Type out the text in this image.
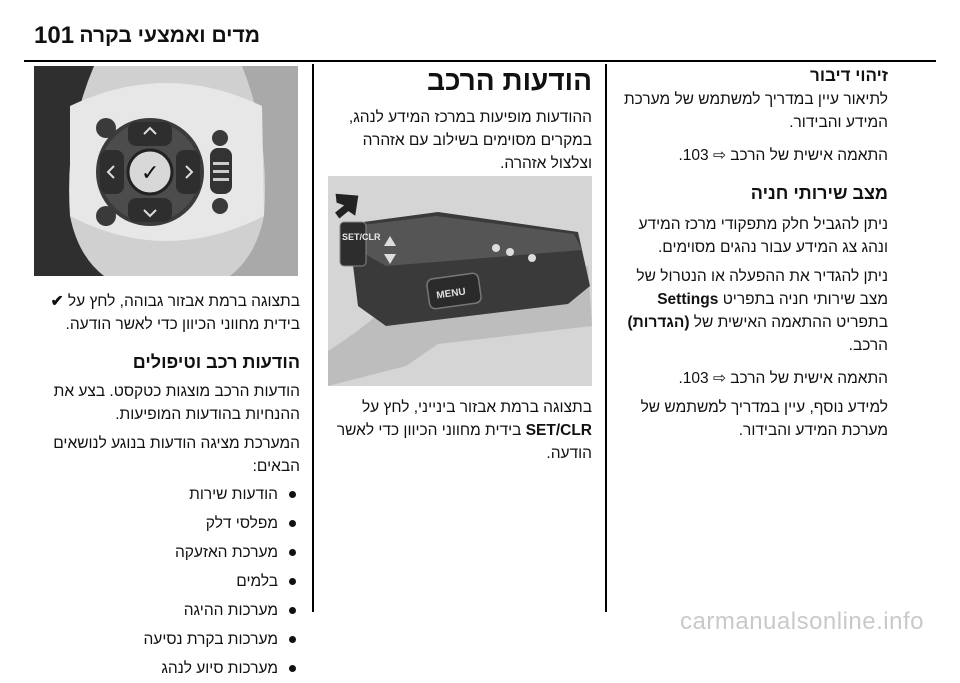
101 מדים ואמצעי בקרה
זיהוי דיבור

לתיאור עיין במדריך למשתמש של מערכת המידע והבידור.

התאמה אישית של הרכב ⇨ 103.

מצב שירותי חניה

ניתן להגביל חלק מתפקודי מרכז המידע ונהג צג המידע עבור נהגים מסוימים.

ניתן להגדיר את ההפעלה או הנטרול של מצב שירותי חניה בתפריט Settings בתפריט ההתאמה האישית של (הגדרות) הרכב.

התאמה אישית של הרכב ⇨ 103.

למידע נוסף, עיין במדריך למשתמש של מערכת המידע והבידור.

הודעות הרכב

ההודעות מופיעות במרכז המידע לנהג, במקרים מסוימים בשילוב עם אזהרה וצלצול אזהרה.

MENU
SET/CLR

בתצוגה ברמת אבזור בינייני, לחץ על SET/CLR בידית מחווני הכיוון כדי לאשר הודעה.

✓

בתצוגה ברמת אבזור גבוהה, לחץ על ✔ בידית מחווני הכיוון כדי לאשר הודעה.

הודעות רכב וטיפולים

הודעות הרכב מוצגות כטקסט. בצע את ההנחיות בהודעות המופיעות.

המערכת מציגה הודעות בנוגע לנושאים הבאים:

הודעות שירות
מפלסי דלק
מערכת האזעקה
בלמים
מערכות ההיגה
מערכות בקרת נסיעה
מערכות סיוע לנהג
carmanualsonline.info
